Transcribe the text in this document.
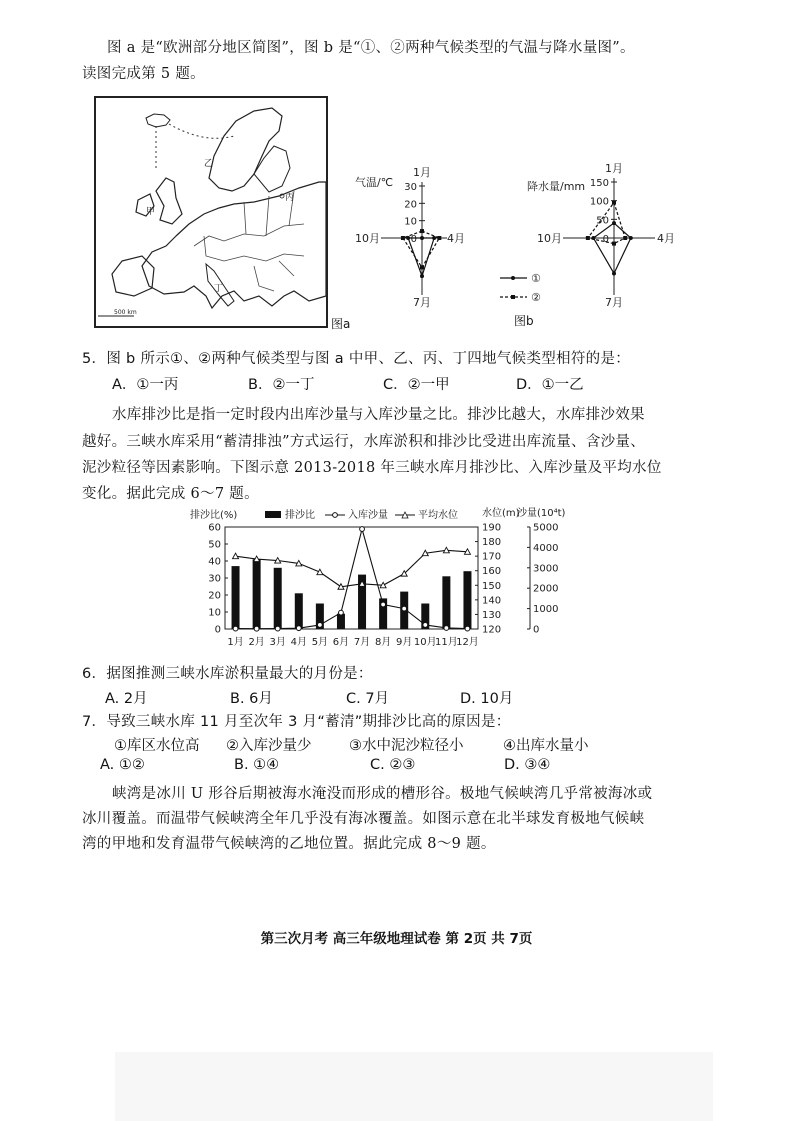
图 a 是“欧洲部分地区简图”，图 b 是“①、②两种气候类型的气温与降水量图”。
读图完成第 5 题。
500 km
丙
甲
乙
丁
图a
气温/℃
1月
10月	4月
7月
30
20
10
0
降水量/mm
1月
10月	4月
7月
150
100
50
0
①
②
图b
5．图 b 所示①、②两种气候类型与图 a 中甲、乙、丙、丁四地气候类型相符的是：
A．①一丙	B．②一丁	C．②一甲	D．①一乙
水库排沙比是指一定时段内出库沙量与入库沙量之比。排沙比越大，水库排沙效果
越好。三峡水库采用“蓄清排浊”方式运行，水库淤积和排沙比受进出库流量、含沙量、
泥沙粒径等因素影响。下图示意 2013-2018 年三峡水库月排沙比、入库沙量及平均水位
变化。据此完成 6～7 题。
排沙比(%)	水位(m)
沙量(10⁴t)
排沙比	入库沙量	平均水位
60
50
40
30
20
10
0
190
180
170
160
150
140
130
120
5000
4000
3000
2000
1000
0
1月 2月 3月 4月 5月 6月 7月 8月 9月 10月
11月
12月
6．据图推测三峡水库淤积量最大的月份是：
A. 2月	B. 6月	C. 7月	D. 10月
7．导致三峡水库 11 月至次年 3 月“蓄清”期排沙比高的原因是：
①库区水位高 ②入库沙量少	③水中泥沙粒径小	④出库水量小
A. ①②	B. ①④	C. ②③	D. ③④
峡湾是冰川 U 形谷后期被海水淹没而形成的槽形谷。极地气候峡湾几乎常被海冰或
冰川覆盖。而温带气候峡湾全年几乎没有海冰覆盖。如图示意在北半球发育极地气候峡
湾的甲地和发育温带气候峡湾的乙地位置。据此完成 8～9 题。
第三次月考 高三年级地理试卷 第 2页 共 7页
